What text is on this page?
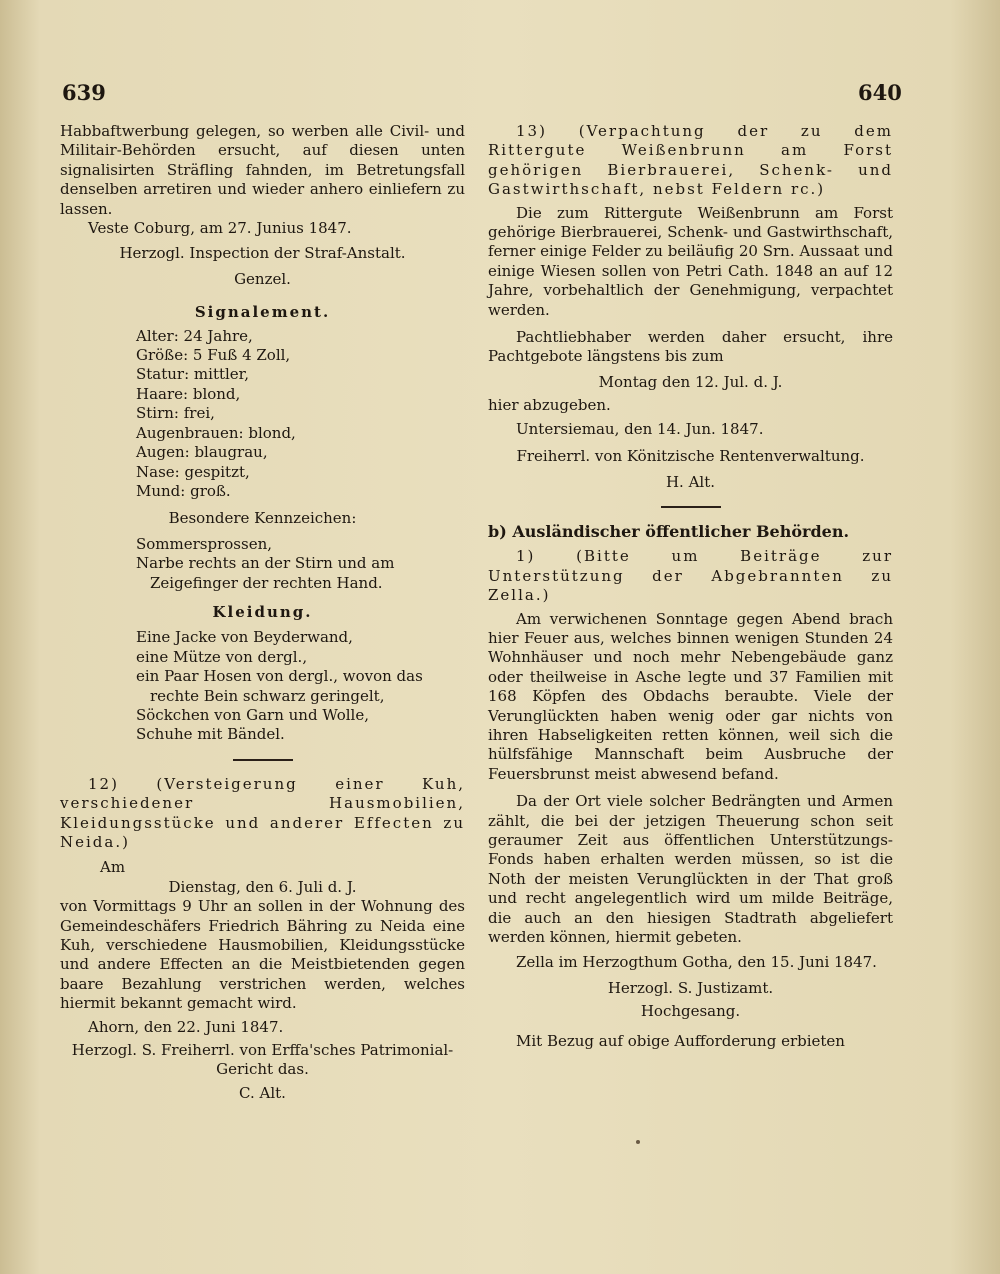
639	640
Habbaftwerbung gelegen, so werben alle Civil- und Militair-Behörden ersucht, auf diesen unten signalisirten Sträfling fahnden, im Betretungsfall denselben arretiren und wieder anhero einliefern zu lassen.
Veste Coburg, am 27. Junius 1847.
Herzogl. Inspection der Straf-Anstalt.
Genzel.
Signalement.
Alter: 24 Jahre,
Größe: 5 Fuß 4 Zoll,
Statur: mittler,
Haare: blond,
Stirn: frei,
Augenbrauen: blond,
Augen: blaugrau,
Nase: gespitzt,
Mund: groß.
Besondere Kennzeichen:
Sommersprossen,
Narbe rechts an der Stirn und am Zeigefinger der rechten Hand.
Kleidung.
Eine Jacke von Beyderwand,
eine Mütze von dergl.,
ein Paar Hosen von dergl., wovon das rechte Bein schwarz geringelt,
Söckchen von Garn und Wolle,
Schuhe mit Bändel.
12) (Versteigerung einer Kuh, verschiedener Hausmobilien, Kleidungsstücke und anderer Effecten zu Neida.)
Am
Dienstag, den 6. Juli d. J.
von Vormittags 9 Uhr an sollen in der Wohnung des Gemeindeschäfers Friedrich Bähring zu Neida eine Kuh, verschiedene Hausmobilien, Kleidungsstücke und andere Effecten an die Meistbietenden gegen baare Bezahlung verstrichen werden, welches hiermit bekannt gemacht wird.
Ahorn, den 22. Juni 1847.
Herzogl. S. Freiherrl. von Erffa'sches Patrimonial-Gericht das.
C. Alt.
13) (Verpachtung der zu dem Rittergute Weißenbrunn am Forst gehörigen Bierbrauerei, Schenk- und Gastwirthschaft, nebst Feldern rc.)
Die zum Rittergute Weißenbrunn am Forst gehörige Bierbrauerei, Schenk- und Gastwirthschaft, ferner einige Felder zu beiläufig 20 Srn. Aussaat und einige Wiesen sollen von Petri Cath. 1848 an auf 12 Jahre, vorbehaltlich der Genehmigung, verpachtet werden.
Pachtliebhaber werden daher ersucht, ihre Pachtgebote längstens bis zum
Montag den 12. Jul. d. J.
hier abzugeben.
Untersiemau, den 14. Jun. 1847.
Freiherrl. von Könitzische Rentenverwaltung.
H. Alt.
b) Ausländischer öffentlicher Behörden.
1) (Bitte um Beiträge zur Unterstützung der Abgebrannten zu Zella.)
Am verwichenen Sonntage gegen Abend brach hier Feuer aus, welches binnen wenigen Stunden 24 Wohnhäuser und noch mehr Nebengebäude ganz oder theilweise in Asche legte und 37 Familien mit 168 Köpfen des Obdachs beraubte. Viele der Verunglückten haben wenig oder gar nichts von ihren Habseligkeiten retten können, weil sich die hülfsfähige Mannschaft beim Ausbruche der Feuersbrunst meist abwesend befand.
Da der Ort viele solcher Bedrängten und Armen zählt, die bei der jetzigen Theuerung schon seit geraumer Zeit aus öffentlichen Unterstützungs-Fonds haben erhalten werden müssen, so ist die Noth der meisten Verunglückten in der That groß und recht angelegentlich wird um milde Beiträge, die auch an den hiesigen Stadtrath abgeliefert werden können, hiermit gebeten.
Zella im Herzogthum Gotha, den 15. Juni 1847.
Herzogl. S. Justizamt.
Hochgesang.
Mit Bezug auf obige Aufforderung erbieten
